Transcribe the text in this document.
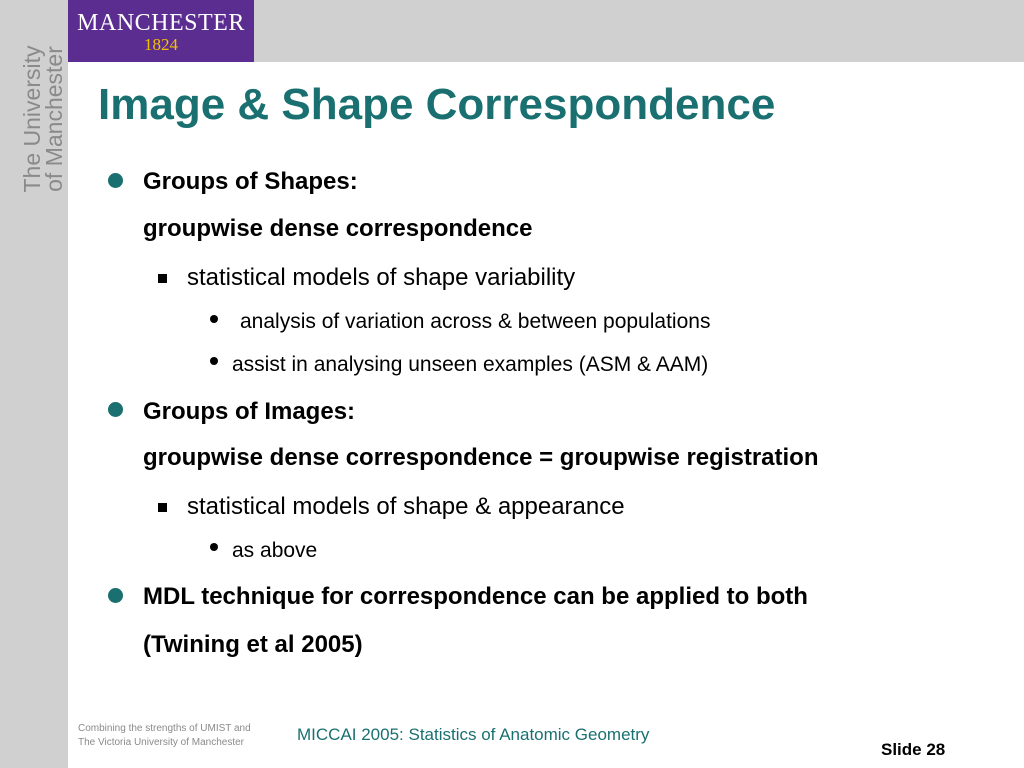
MANCHESTER
1824
The University
of Manchester Image & Shape Correspondence
Groups of Shapes:
groupwise dense correspondence
statistical models of shape variability
analysis of variation across & between populations
assist in analysing unseen examples (ASM & AAM)
Groups of Images:
groupwise dense correspondence = groupwise registration
statistical models of shape & appearance
as above
MDL technique for correspondence can be applied to both
(Twining et al 2005)
Combining the strengths of UMIST and
The Victoria University of Manchester	MICCAI 2005: Statistics of Anatomic Geometry
Slide 28
